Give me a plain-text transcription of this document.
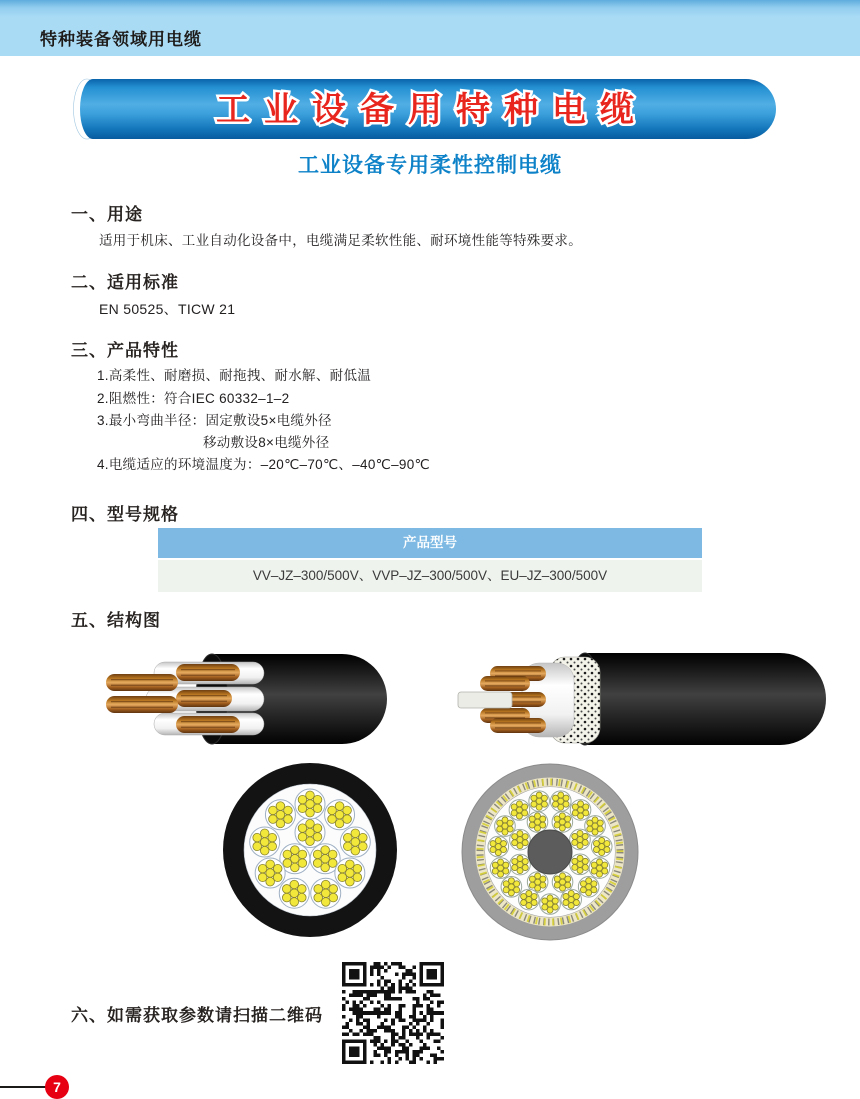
特种装备领域用电缆
工业设备用特种电缆
工业设备专用柔性控制电缆
一、用途
适用于机床、工业自动化设备中，电缆满足柔软性能、耐环境性能等特殊要求。
二、适用标准
EN 50525、TICW 21
三、产品特性
1.高柔性、耐磨损、耐拖拽、耐水解、耐低温
2.阻燃性：符合IEC 60332–1–2
3.最小弯曲半径：固定敷设5×电缆外径
移动敷设8×电缆外径
4.电缆适应的环境温度为：–20℃–70℃、–40℃–90℃
四、型号规格
产品型号
VV–JZ–300/500V、VVP–JZ–300/500V、EU–JZ–300/500V
五、结构图
六、如需获取参数请扫描二维码
7
